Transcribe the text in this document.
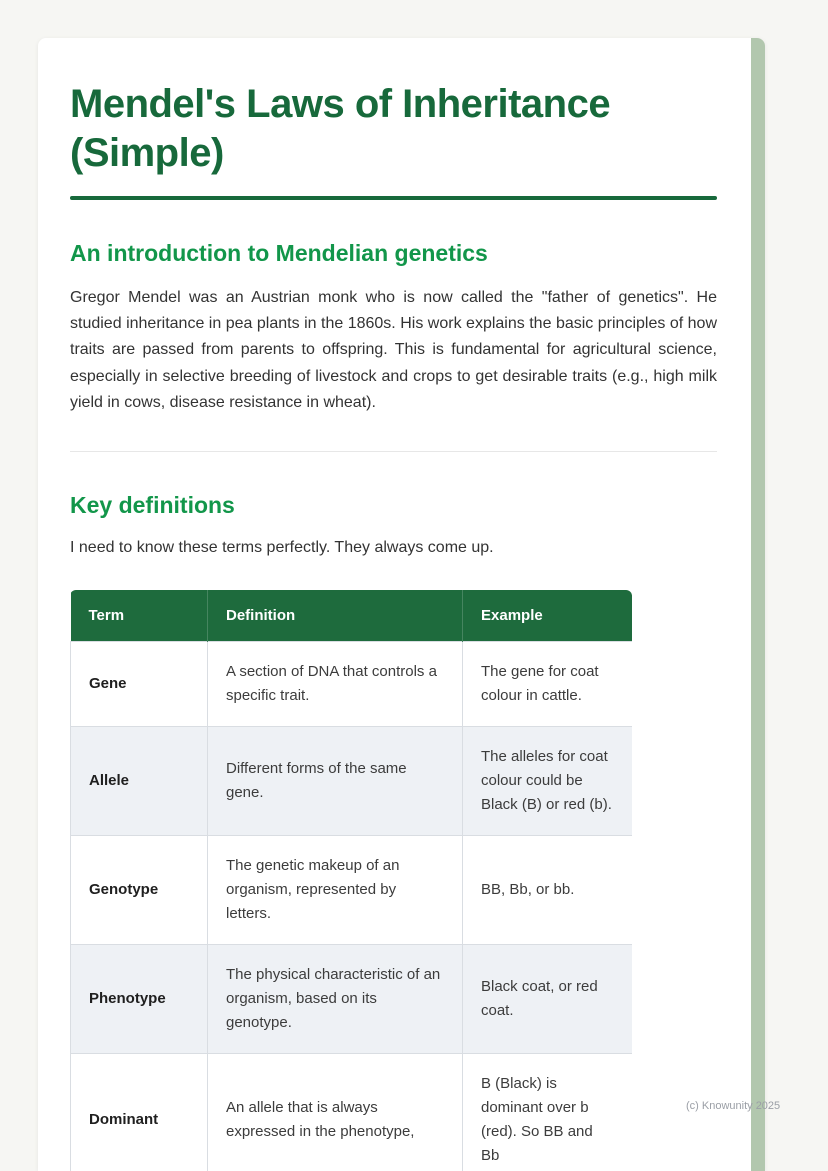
Mendel's Laws of Inheritance (Simple)
An introduction to Mendelian genetics

Gregor Mendel was an Austrian monk who is now called the "father of genetics". He studied inheritance in pea plants in the 1860s. His work explains the basic principles of how traits are passed from parents to offspring. This is fundamental for agricultural science, especially in selective breeding of livestock and crops to get desirable traits (e.g., high milk yield in cows, disease resistance in wheat).

Key definitions

I need to know these terms perfectly. They always come up.

Term	Definition	Example
Gene	A section of DNA that controls a specific trait.	The gene for coat colour in cattle.
Allele	Different forms of the same gene.	The alleles for coat colour could be Black (B) or red (b).
Genotype	The genetic makeup of an organism, represented by letters.	BB, Bb, or bb.
Phenotype	The physical characteristic of an organism, based on its genotype.	Black coat, or red coat.
Dominant	An allele that is always expressed in the phenotype,	B (Black) is dominant over b (red). So BB and Bb
(c) Knowunity 2025
